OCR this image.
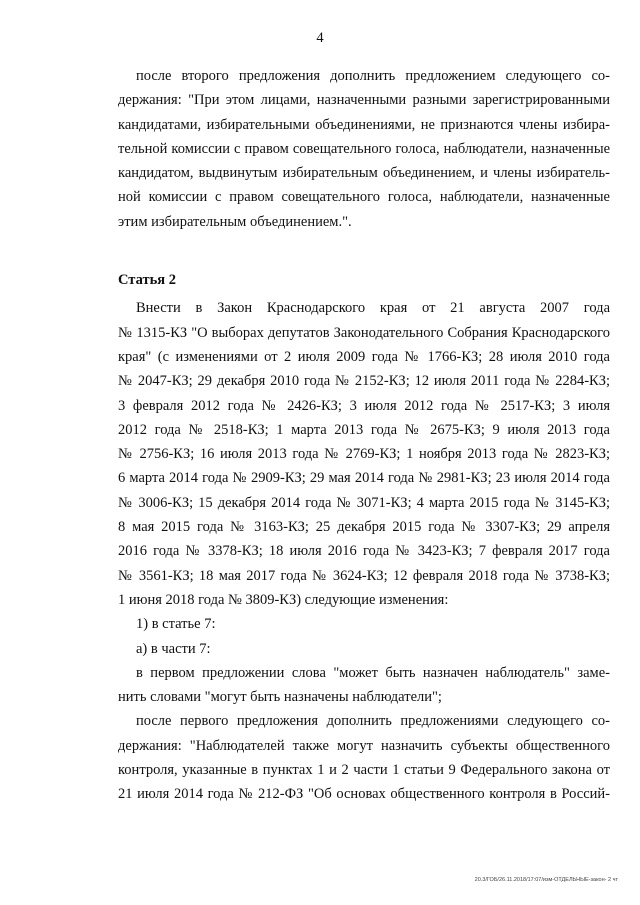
4
после второго предложения дополнить предложением следующего со-
держания: "При этом лицами, назначенными разными зарегистрированными
кандидатами, избирательными объединениями, не признаются члены избира-
тельной комиссии с правом совещательного голоса, наблюдатели, назначенные
кандидатом, выдвинутым избирательным объединением, и члены избиратель-
ной комиссии с правом совещательного голоса, наблюдатели, назначенные
этим избирательным объединением.".
Статья 2
Внести в Закон Краснодарского края от 21 августа 2007 года
№ 1315-КЗ "О выборах депутатов Законодательного Собрания Краснодарского
края" (с изменениями от 2 июля 2009 года № 1766-КЗ; 28 июля 2010 года
№ 2047-КЗ; 29 декабря 2010 года № 2152-КЗ; 12 июля 2011 года № 2284-КЗ;
3 февраля 2012 года № 2426-КЗ; 3 июля 2012 года № 2517-КЗ; 3 июля
2012 года № 2518-КЗ; 1 марта 2013 года № 2675-КЗ; 9 июля 2013 года
№ 2756-КЗ; 16 июля 2013 года № 2769-КЗ; 1 ноября 2013 года № 2823-КЗ;
6 марта 2014 года № 2909-КЗ; 29 мая 2014 года № 2981-КЗ; 23 июля 2014 года
№ 3006-КЗ; 15 декабря 2014 года № 3071-КЗ; 4 марта 2015 года № 3145-КЗ;
8 мая 2015 года № 3163-КЗ; 25 декабря 2015 года № 3307-КЗ; 29 апреля
2016 года № 3378-КЗ; 18 июля 2016 года № 3423-КЗ; 7 февраля 2017 года
№ 3561-КЗ; 18 мая 2017 года № 3624-КЗ; 12 февраля 2018 года № 3738-КЗ;
1 июня 2018 года № 3809-КЗ) следующие изменения:
1) в статье 7:
а) в части 7:
в первом предложении слова "может быть назначен наблюдатель" заме-
нить словами "могут быть назначены наблюдатели";
после первого предложения дополнить предложениями следующего со-
держания: "Наблюдателей также могут назначить субъекты общественного
контроля, указанные в пунктах 1 и 2 части 1 статьи 9 Федерального закона от
21 июля 2014 года № 212-ФЗ "Об основах общественного контроля в Россий-
20.3/ГОБ/26.11.2018/17:07/изм-ОТДЕЛЬНЫЕ-закон- 2 чт
